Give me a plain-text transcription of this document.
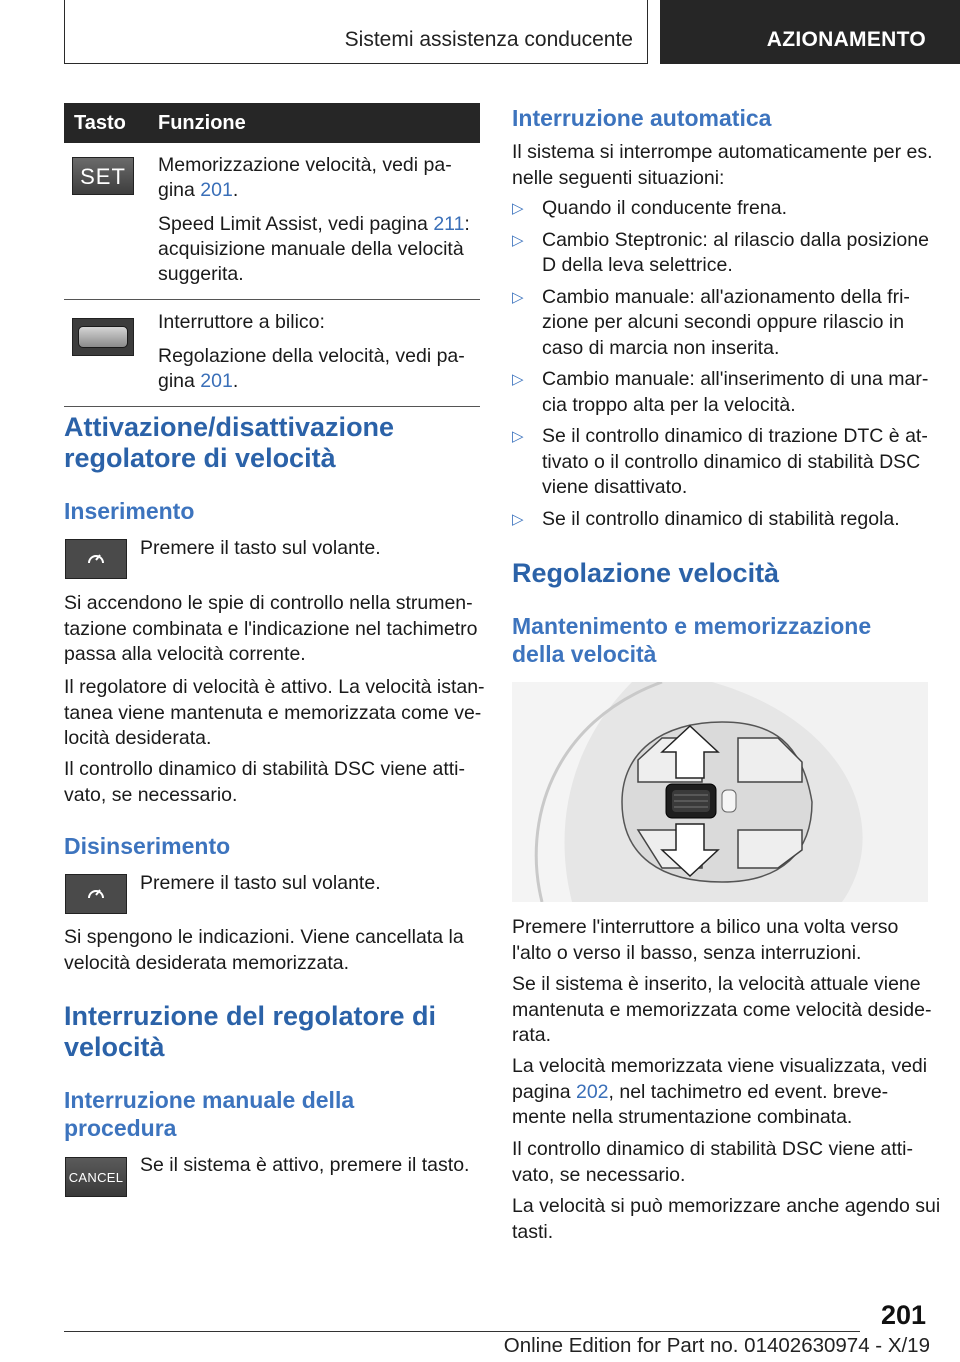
Sistemi assistenza conducente	AZIONAMENTO
Tasto	Funzione

SET	Memorizzazione velocità, vedi pa-
gina 201.

Speed Limit Assist, vedi pagina 211:
acquisizione manuale della velocità
suggerita.

	Interruttore a bilico:

Regolazione della velocità, vedi pa-
gina 201.

Attivazione/disattivazione
regolatore di velocità
Inserimento

Premere il tasto sul volante.

Si accendono le spie di controllo nella strumen-
tazione combinata e l'indicazione nel tachimetro
passa alla velocità corrente.

Il regolatore di velocità è attivo. La velocità istan-
tanea viene mantenuta e memorizzata come ve-
locità desiderata.

Il controllo dinamico di stabilità DSC viene atti-
vato, se necessario.

Disinserimento

Premere il tasto sul volante.

Si spengono le indicazioni. Viene cancellata la
velocità desiderata memorizzata.

Interruzione del regolatore di
velocità
Interruzione manuale della
procedura
CANCEL

Se il sistema è attivo, premere il tasto.

Interruzione automatica

Il sistema si interrompe automaticamente per es.
nelle seguenti situazioni:

▷ Quando il conducente frena.
▷ Cambio Steptronic: al rilascio dalla posizione
D della leva selettrice.
▷ Cambio manuale: all'azionamento della fri-
zione per alcuni secondi oppure rilascio in
caso di marcia non inserita.
▷ Cambio manuale: all'inserimento di una mar-
cia troppo alta per la velocità.
▷ Se il controllo dinamico di trazione DTC è at-
tivato o il controllo dinamico di stabilità DSC
viene disattivato.
▷ Se il controllo dinamico di stabilità regola.
Regolazione velocità
Mantenimento e memorizzazione
della velocità

Premere l'interruttore a bilico una volta verso
l'alto o verso il basso, senza interruzioni.

Se il sistema è inserito, la velocità attuale viene
mantenuta e memorizzata come velocità deside-
rata.

La velocità memorizzata viene visualizzata, vedi
pagina 202, nel tachimetro ed event. breve-
mente nella strumentazione combinata.

Il controllo dinamico di stabilità DSC viene atti-
vato, se necessario.

La velocità si può memorizzare anche agendo sui
tasti.

201
Online Edition for Part no. 01402630974 - X/19
